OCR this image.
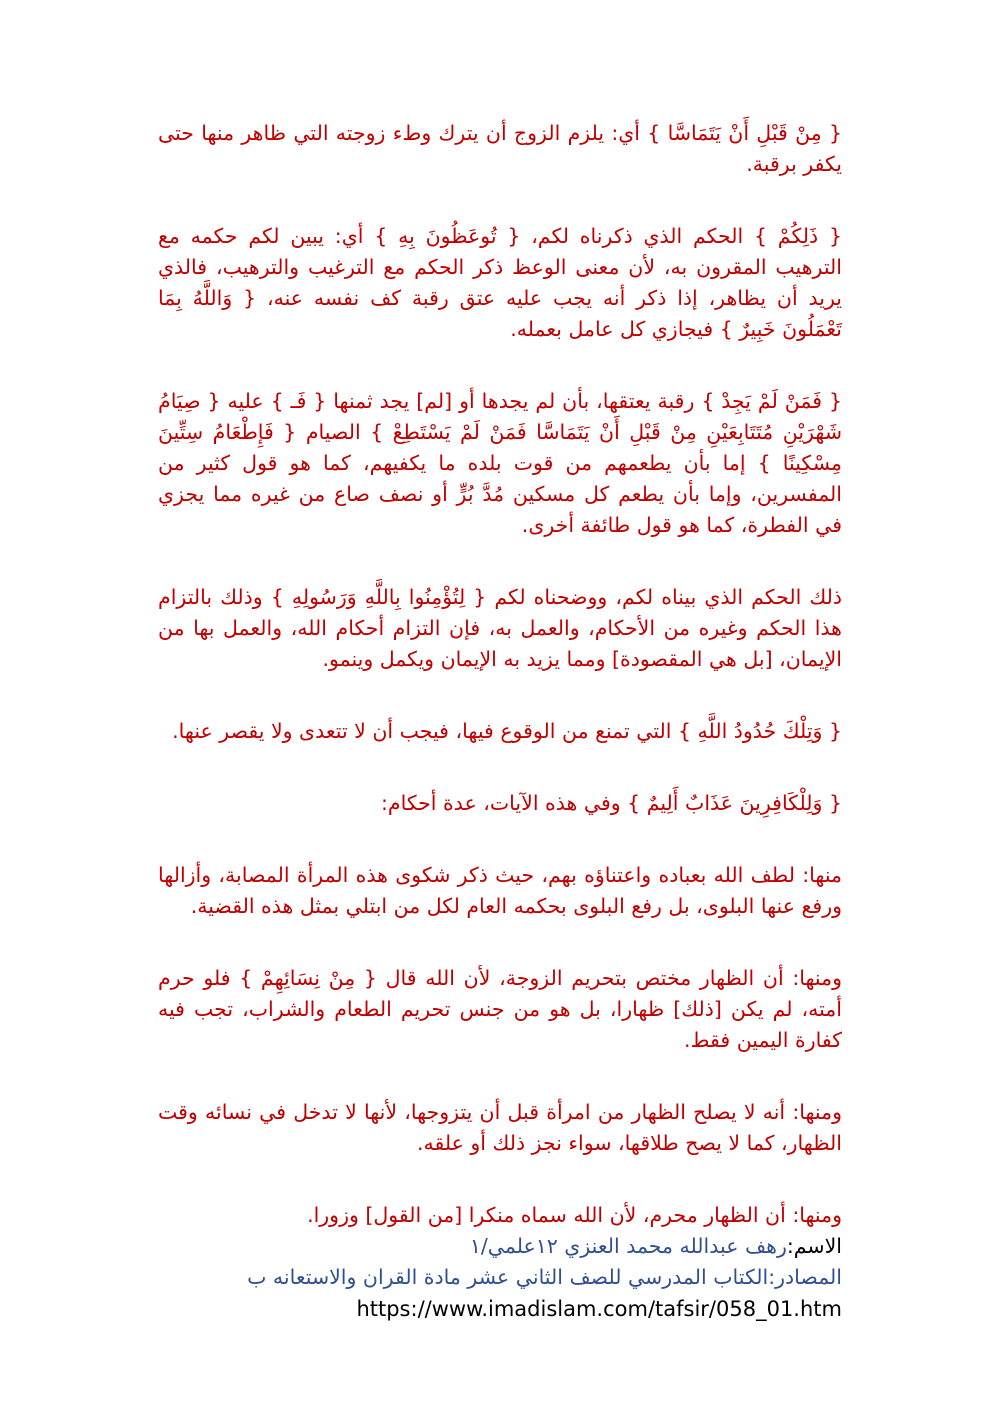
{ مِنْ قَبْلِ أَنْ يَتَمَاسَّا } أي: يلزم الزوج أن يترك وطء زوجته التي ظاهر منها حتى يكفر برقبة.

{ ذَلِكُمْ } الحكم الذي ذكرناه لكم، { تُوعَظُونَ بِهِ } أي: يبين لكم حكمه مع الترهيب المقرون به، لأن معنى الوعظ ذكر الحكم مع الترغيب والترهيب، فالذي يريد أن يظاهر، إذا ذكر أنه يجب عليه عتق رقبة كف نفسه عنه، { وَاللَّهُ بِمَا تَعْمَلُونَ خَبِيرٌ } فيجازي كل عامل بعمله.

{ فَمَنْ لَمْ يَجِدْ } رقبة يعتقها، بأن لم يجدها أو [لم] يجد ثمنها { فَـ } عليه { صِيَامُ شَهْرَيْنِ مُتَتَابِعَيْنِ مِنْ قَبْلِ أَنْ يَتَمَاسَّا فَمَنْ لَمْ يَسْتَطِعْ } الصيام { فَإِطْعَامُ سِتِّينَ مِسْكِينًا } إما بأن يطعمهم من قوت بلده ما يكفيهم، كما هو قول كثير من المفسرين، وإما بأن يطعم كل مسكين مُدَّ بُرٍّ أو نصف صاع من غيره مما يجزي في الفطرة، كما هو قول طائفة أخرى.

ذلك الحكم الذي بيناه لكم، ووضحناه لكم { لِتُؤْمِنُوا بِاللَّهِ وَرَسُولِهِ } وذلك بالتزام هذا الحكم وغيره من الأحكام، والعمل به، فإن التزام أحكام الله، والعمل بها من الإيمان، [بل هي المقصودة] ومما يزيد به الإيمان ويكمل وينمو.

{ وَتِلْكَ حُدُودُ اللَّهِ } التي تمنع من الوقوع فيها، فيجب أن لا تتعدى ولا يقصر عنها.

{ وَلِلْكَافِرِينَ عَذَابٌ أَلِيمٌ } وفي هذه الآيات، عدة أحكام:

منها: لطف الله بعباده واعتناؤه بهم، حيث ذكر شكوى هذه المرأة المصابة، وأزالها ورفع عنها البلوى، بل رفع البلوى بحكمه العام لكل من ابتلي بمثل هذه القضية.

ومنها: أن الظهار مختص بتحريم الزوجة، لأن الله قال { مِنْ نِسَائِهِمْ } فلو حرم أمته، لم يكن [ذلك] ظهارا، بل هو من جنس تحريم الطعام والشراب، تجب فيه كفارة اليمين فقط.

ومنها: أنه لا يصلح الظهار من امرأة قبل أن يتزوجها، لأنها لا تدخل في نسائه وقت الظهار، كما لا يصح طلاقها، سواء نجز ذلك أو علقه.

ومنها: أن الظهار محرم، لأن الله سماه منكرا [من القول] وزورا.

الاسم:رهف عبدالله محمد العنزي ١٢علمي/١
المصادر:الكتاب المدرسي للصف الثاني عشر مادة القران والاستعانه ب
https://www.imadislam.com/tafsir/058_01.htm
